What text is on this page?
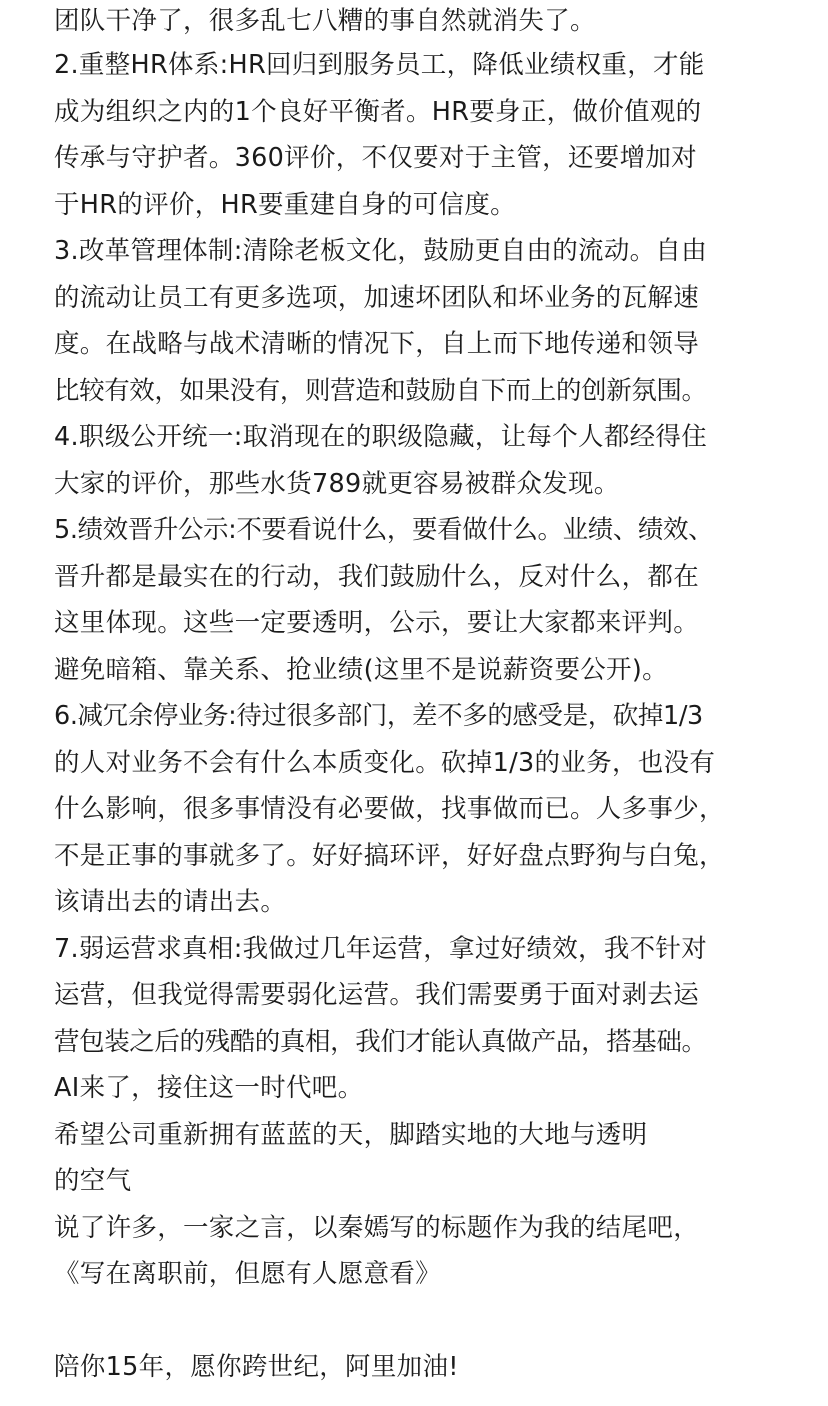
团队干净了，很多乱七八糟的事自然就消失了。
2.重整HR体系:HR回归到服务员工，降低业绩权重，才能
成为组织之内的1个良好平衡者。HR要身正，做价值观的
传承与守护者。360评价，不仅要对于主管，还要增加对
于HR的评价，HR要重建自身的可信度。
3.改革管理体制:清除老板文化，鼓励更自由的流动。自由
的流动让员工有更多选项，加速坏团队和坏业务的瓦解速
度。在战略与战术清晰的情况下，自上而下地传递和领导
比较有效，如果没有，则营造和鼓励自下而上的创新氛围。
4.职级公开统一:取消现在的职级隐藏，让每个人都经得住
大家的评价，那些水货789就更容易被群众发现。
5.绩效晋升公示:不要看说什么，要看做什么。业绩、绩效、
晋升都是最实在的行动，我们鼓励什么，反对什么，都在
这里体现。这些一定要透明，公示，要让大家都来评判。
避免暗箱、靠关系、抢业绩(这里不是说薪资要公开)。
6.减冗余停业务:待过很多部门，差不多的感受是，砍掉1/3
的人对业务不会有什么本质变化。砍掉1/3的业务，也没有
什么影响，很多事情没有必要做，找事做而已。人多事少，
不是正事的事就多了。好好搞环评，好好盘点野狗与白兔，
该请出去的请出去。
7.弱运营求真相:我做过几年运营，拿过好绩效，我不针对
运营，但我觉得需要弱化运营。我们需要勇于面对剥去运
营包装之后的残酷的真相，我们才能认真做产品，搭基础。
AI来了，接住这一时代吧。
希望公司重新拥有蓝蓝的天，脚踏实地的大地与透明
的空气
说了许多，一家之言，以秦嫣写的标题作为我的结尾吧，
《写在离职前，但愿有人愿意看》
陪你15年，愿你跨世纪，阿里加油!
